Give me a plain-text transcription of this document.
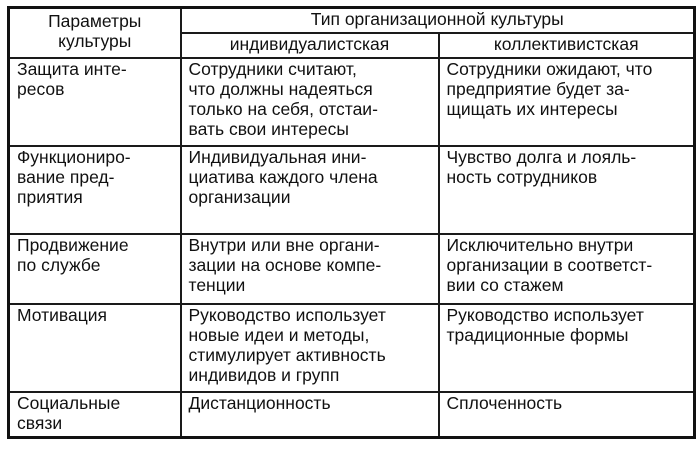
Параметры
культуры	Тип организационной культуры	
	индивидуалистская	коллективистская

Защита инте-
ресов	Сотрудники считают,
что должны надеяться
только на себя, отстаи-
вать свои интересы	Сотрудники ожидают, что
предприятие будет за-
щищать их интересы

Функциониро-
вание пред-
приятия	Индивидуальная ини-
циатива каждого члена
организации	Чувство долга и лояль-
ность сотрудников

Продвижение
по службе	Внутри или вне органи-
зации на основе компе-
тенции	Исключительно внутри
организации в соответст-
вии со стажем

Мотивация	Руководство использует
новые идеи и методы,
стимулирует активность
индивидов и групп	Руководство использует
традиционные формы

Социальные
связи	Дистанционность	Сплоченность
